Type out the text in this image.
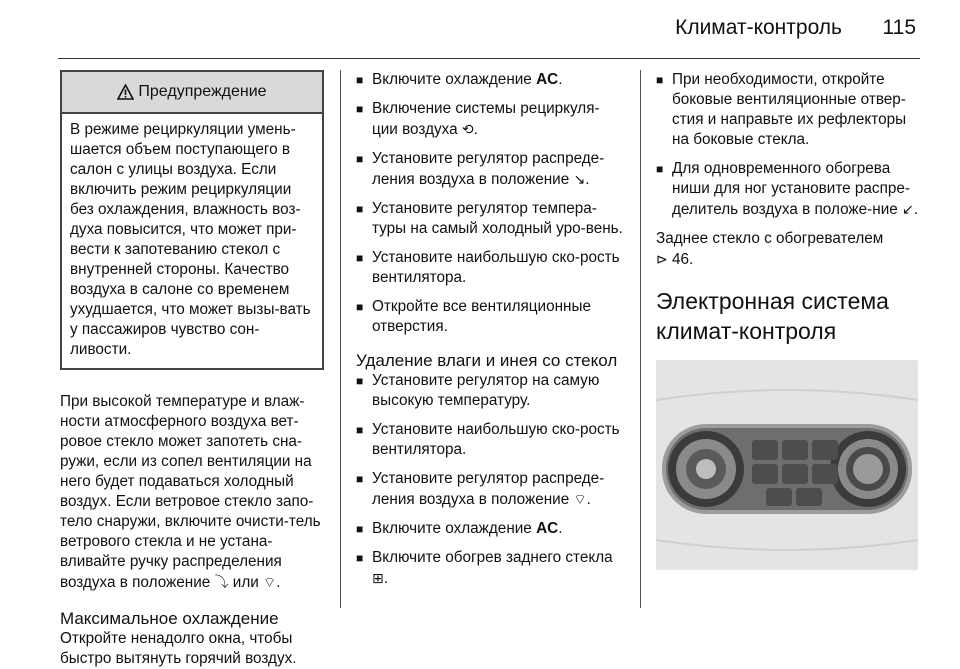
Климат-контроль 115
Предупреждение
В режиме рециркуляции умень-шается объем поступающего в салон с улицы воздуха. Если включить режим рециркуляции без охлаждения, влажность воз-духа повысится, что может при-вести к запотеванию стекол с внутренней стороны. Качество воздуха в салоне со временем ухудшается, что может вызы-вать у пассажиров чувство сон-ливости.

При высокой температуре и влаж-ности атмосферного воздуха вет-ровое стекло может запотеть сна-ружи, если из сопел вентиляции на него будет подаваться холодный воздух. Если ветровое стекло запо-тело снаружи, включите очисти-тель ветрового стекла и не устана-вливайте ручку распределения воздуха в положение ⤵ или ⌔.

Максимальное охлаждение

Откройте ненадолго окна, чтобы быстро вытянуть горячий воздух.

■ Включите охлаждение AC.
■ Включение системы рециркуля-ции воздуха ⟲.
■ Установите регулятор распреде-ления воздуха в положение ↘.
■ Установите регулятор темпера-туры на самый холодный уро-вень.
■ Установите наибольшую ско-рость вентилятора.
■ Откройте все вентиляционные отверстия.
Удаление влаги и инея со стекол
■ Установите регулятор на самую высокую температуру.
■ Установите наибольшую ско-рость вентилятора.
■ Установите регулятор распреде-ления воздуха в положение ⌔.
■ Включите охлаждение AC.
■ Включите обогрев заднего стекла ⊞.
■ При необходимости, откройте боковые вентиляционные отвер-стия и направьте их рефлекторы на боковые стекла.
■ Для одновременного обогрева ниши для ног установите распре-делитель воздуха в положе-ние ↙.

Заднее стекло с обогревателем
⊳ 46.

Электронная система климат-контроля
